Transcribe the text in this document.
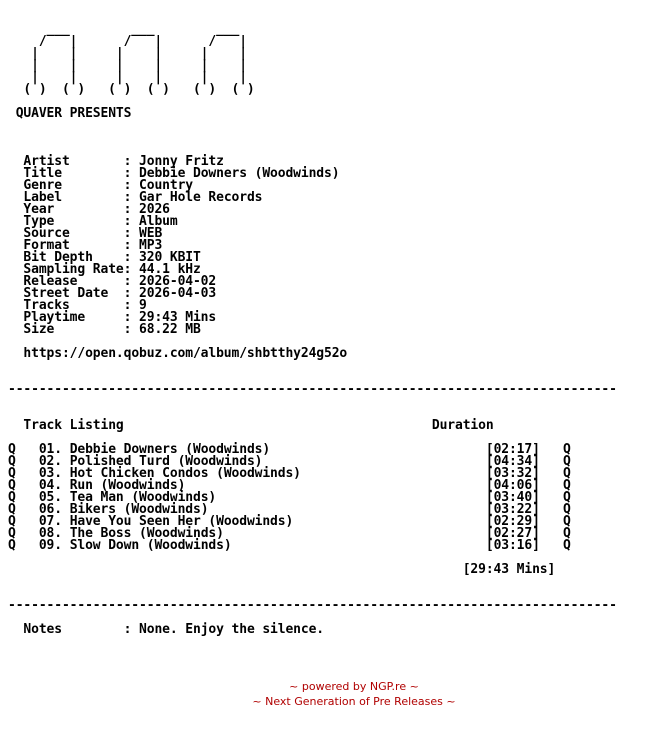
___        ___        ___
/   |      /   |      /   |
|    |     |    |     |    |
|    |     |    |     |    |
|    |     |    |     |    |
( )  ( )   ( )  ( )   ( )  ( )

QUAVER PRESENTS

Artist       : Jonny Fritz
Title        : Debbie Downers (Woodwinds)
Genre        : Country
Label        : Gar Hole Records
Year         : 2026
Type         : Album
Source       : WEB
Format       : MP3
Bit Depth    : 320 KBIT
Sampling Rate: 44.1 kHz
Release      : 2026-04-02
Street Date  : 2026-04-03
Tracks       : 9
Playtime     : 29:43 Mins
Size         : 68.22 MB

https://open.qobuz.com/album/shbtthy24g52o

-------------------------------------------------------------------------------

Track Listing	Duration

Q 01. Debbie Downers (Woodwinds)	[02:17] Q
Q 02. Polished Turd (Woodwinds)	[04:34] Q
Q 03. Hot Chicken Condos (Woodwinds)	[03:32] Q
Q 04. Run (Woodwinds)	[04:06] Q
Q 05. Tea Man (Woodwinds)	[03:40] Q
Q 06. Bikers (Woodwinds)	[03:22] Q
Q 07. Have You Seen Her (Woodwinds)	[02:29] Q
Q 08. The Boss (Woodwinds)	[02:27] Q
Q 09. Slow Down (Woodwinds)	[03:16] Q

[29:43 Mins]

-------------------------------------------------------------------------------

Notes        : None. Enjoy the silence.
~ powered by NGP.re ~
~ Next Generation of Pre Releases ~
